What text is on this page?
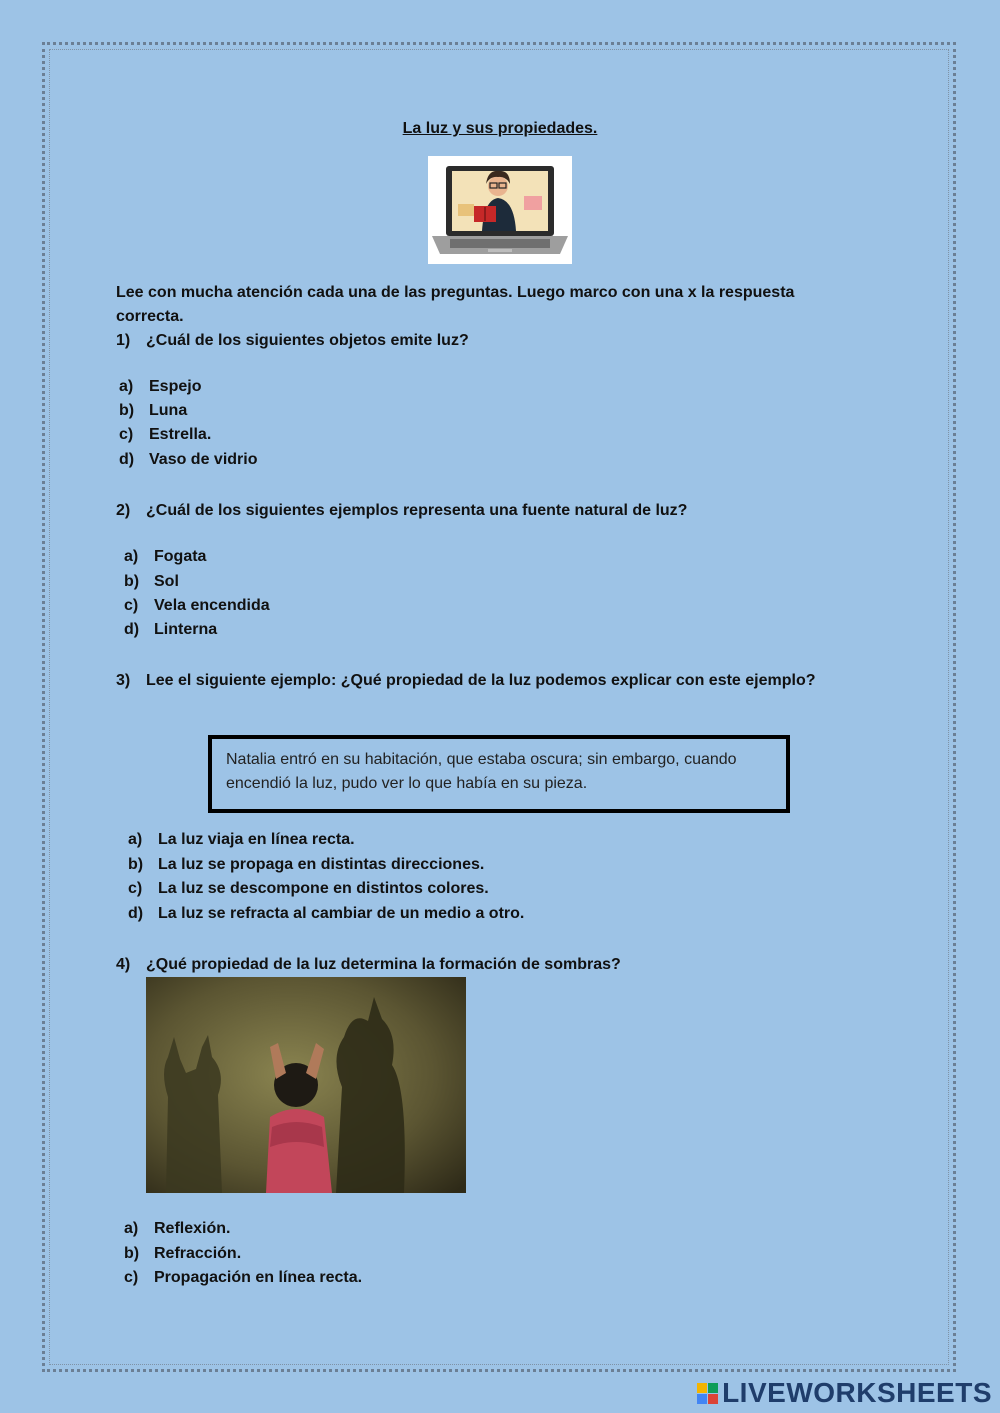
La luz y sus propiedades.
Lee con mucha atención cada una de las preguntas. Luego marco con una x la respuesta correcta.
1) ¿Cuál de los siguientes objetos emite luz?
a) Espejo
b) Luna
c) Estrella.
d) Vaso de vidrio
2) ¿Cuál de los siguientes ejemplos representa una fuente natural de luz?
a) Fogata
b) Sol
c) Vela encendida
d) Linterna
3) Lee el siguiente ejemplo: ¿Qué propiedad de la luz podemos explicar con este ejemplo?
Natalia entró en su habitación, que estaba oscura; sin embargo, cuando encendió la luz, pudo ver lo que había en su pieza.
a) La luz viaja en línea recta.
b) La luz se propaga en distintas direcciones.
c) La luz se descompone en distintos colores.
d) La luz se refracta al cambiar de un medio a otro.
4) ¿Qué propiedad de la luz determina la formación de sombras?
a) Reflexión.
b) Refracción.
c) Propagación en línea recta.
LIVEWORKSHEETS
